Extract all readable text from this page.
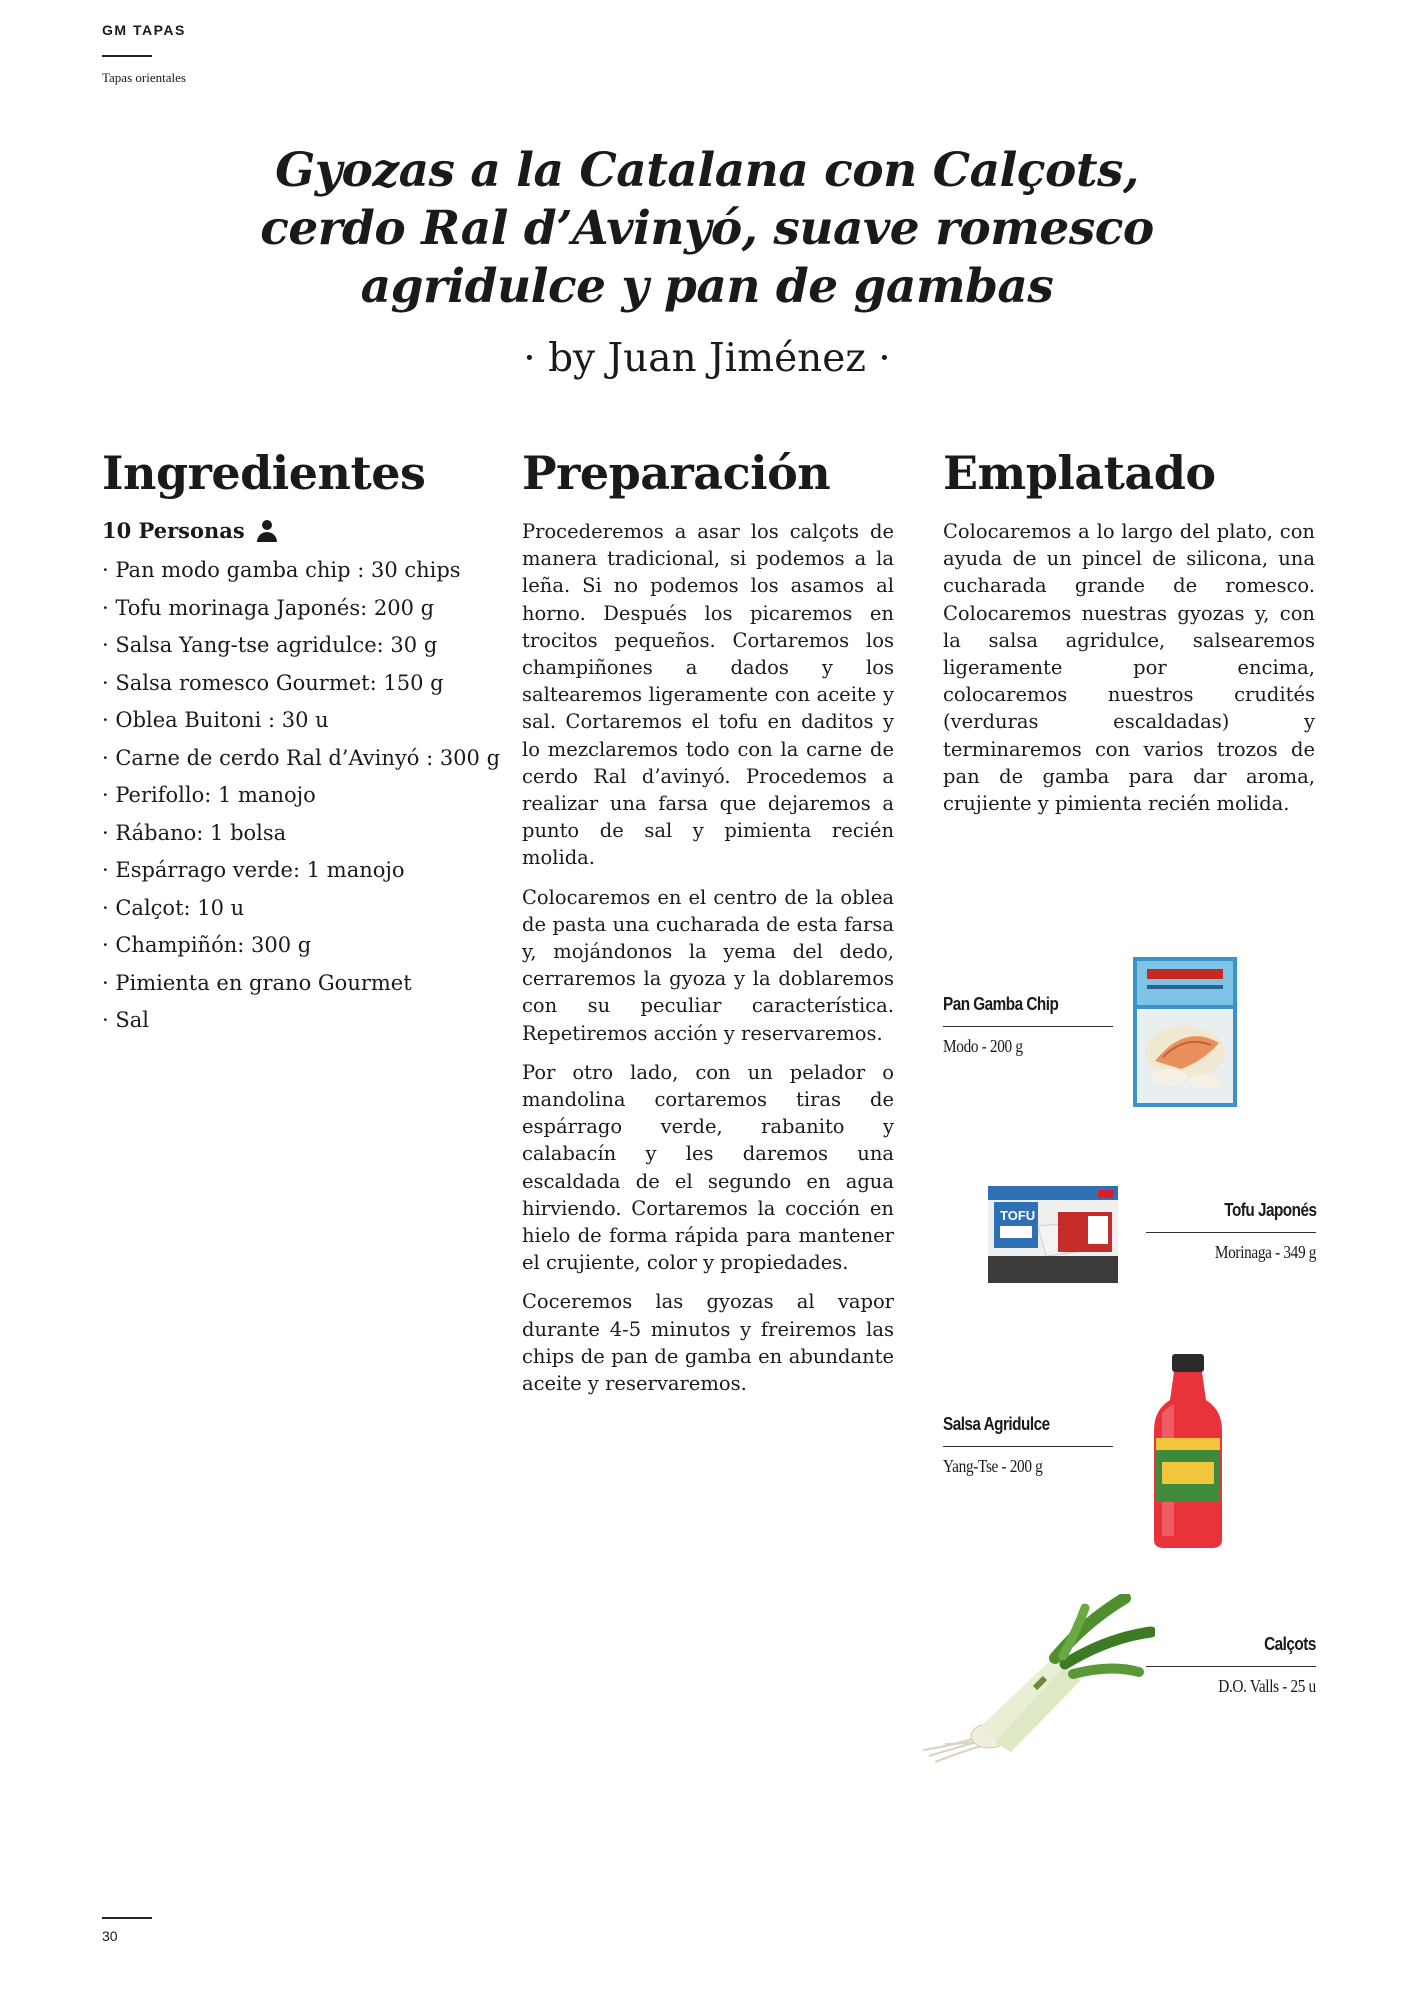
GM TAPAS
Tapas orientales
Gyozas a la Catalana con Calçots,
cerdo Ral d’Avinyó, suave romesco
agridulce y pan de gambas
· by Juan Jiménez ·
Ingredientes Preparación Emplatado
10 Personas
· Pan modo gamba chip : 30 chips
· Tofu morinaga Japonés: 200 g
· Salsa Yang-tse agridulce: 30 g
· Salsa romesco Gourmet: 150 g
· Oblea Buitoni : 30 u
· Carne de cerdo Ral d’Avinyó : 300 g
· Perifollo: 1 manojo
· Rábano: 1 bolsa
· Espárrago verde: 1 manojo
· Calçot: 10 u
· Champiñón: 300 g
· Pimienta en grano Gourmet
· Sal

Procederemos a asar los calçots de manera tradicional, si podemos a la leña. Si no podemos los asamos al horno. Después los picaremos en trocitos pequeños. Cortaremos los champiñones a dados y los saltearemos ligeramente con aceite y sal. Cortaremos el tofu en daditos y lo mezclaremos todo con la carne de cerdo Ral d’avinyó. Procedemos a realizar una farsa que dejaremos a punto de sal y pimienta recién molida.

Colocaremos en el centro de la oblea de pasta una cucharada de esta farsa y, mojándonos la yema del dedo, cerraremos la gyoza y la doblaremos con su peculiar característica. Repetiremos acción y reservaremos.

Por otro lado, con un pelador o mandolina cortaremos tiras de espárrago verde, rabanito y calabacín y les daremos una escaldada de el segundo en agua hirviendo. Cortaremos la cocción en hielo de forma rápida para mantener el crujiente, color y propiedades.

Coceremos las gyozas al vapor durante 4-5 minutos y freiremos las chips de pan de gamba en abundante aceite y reservaremos.

Colocaremos a lo largo del plato, con ayuda de un pincel de silicona, una cucharada grande de romesco. Colocaremos nuestras gyozas y, con la salsa agridulce, salsearemos ligeramente por encima, colocaremos nuestros crudités (verduras escaldadas) y terminaremos con varios trozos de pan de gamba para dar aroma, crujiente y pimienta recién molida.

Pan Gamba Chip
Modo - 200 g
TOFU	Tofu Japonés
Morinaga - 349 g
Salsa Agridulce
Yang-Tse - 200 g
Calçots
D.O. Valls - 25 u
30
